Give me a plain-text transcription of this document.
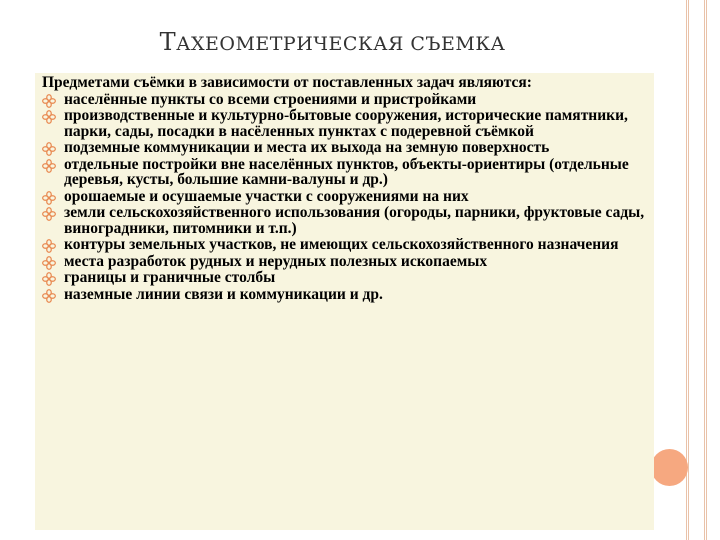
ТАХЕОМЕТРИЧЕСКАЯ СЪЕМКА

Предметами съёмки в зависимости от поставленных задач являются:

населённые пункты со всеми строениями и пристройками
производственные и культурно-бытовые сооружения, исторические памятники, парки, сады, посадки в насёленных пунктах с подеревной съёмкой
подземные коммуникации и места их выхода на земную поверхность
отдельные постройки вне населённых пунктов, объекты-ориентиры (отдельные деревья, кусты, большие камни-валуны и др.)
орошаемые и осушаемые участки с сооружениями на них
земли сельскохозяйственного использования (огороды, парники, фруктовые сады, виноградники, питомники и т.п.)
контуры земельных участков, не имеющих сельскохозяйственного назначения
места разработок рудных и нерудных полезных ископаемых
границы и граничные столбы
наземные линии связи и коммуникации и др.
